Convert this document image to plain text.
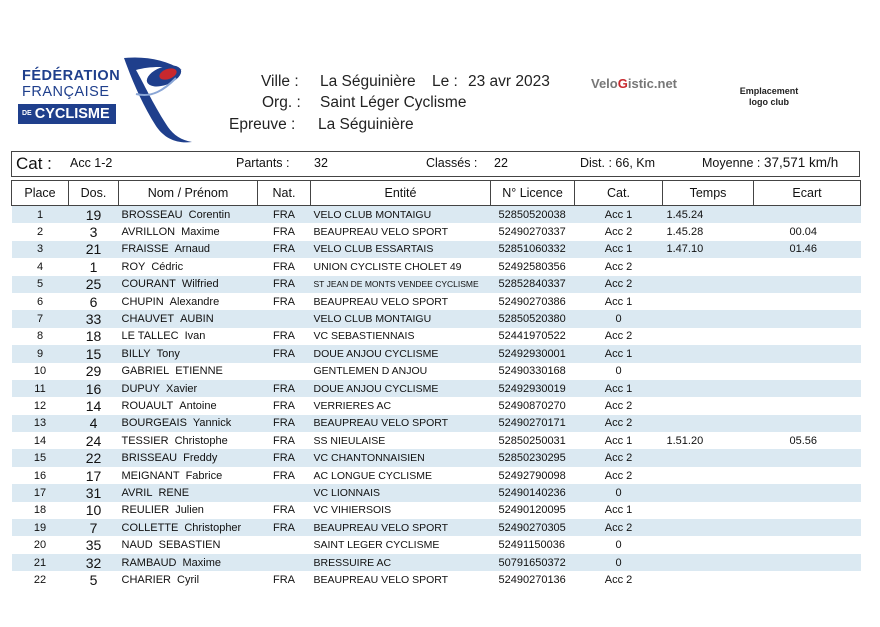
FÉDÉRATION
FRANÇAISE
DE CYCLISME
Ville : La Séguinière Le : 23 avr 2023
Org. : Saint Léger Cyclisme
Epreuve : La Séguinière
VeloGistic.net	Emplacement
logo club
Cat : Acc 1-2	Partants : 32	Classés : 22	Dist. : 66, Km	Moyenne : 37,571 km/h
Place	Dos.	Nom / Prénom	Nat.	Entité	N° Licence	Cat.	Temps	Ecart
1	19	BROSSEAU Corentin	FRA	VELO CLUB MONTAIGU	52850520038	Acc 1	1.45.24	
2	3	AVRILLON Maxime	FRA	BEAUPREAU VELO SPORT	52490270337	Acc 2	1.45.28	00.04
3	21	FRAISSE Arnaud	FRA	VELO CLUB ESSARTAIS	52851060332	Acc 1	1.47.10	01.46
4	1	ROY Cédric	FRA	UNION CYCLISTE CHOLET 49	52492580356	Acc 2		
5	25	COURANT Wilfried	FRA	ST JEAN DE MONTS VENDEE CYCLISME	52852840337	Acc 2		
6	6	CHUPIN Alexandre	FRA	BEAUPREAU VELO SPORT	52490270386	Acc 1		
7	33	CHAUVET AUBIN		VELO CLUB MONTAIGU	52850520380	0		
8	18	LE TALLEC Ivan	FRA	VC SEBASTIENNAIS	52441970522	Acc 2		
9	15	BILLY Tony	FRA	DOUE ANJOU CYCLISME	52492930001	Acc 1		
10	29	GABRIEL ETIENNE		GENTLEMEN D ANJOU	52490330168	0		
11	16	DUPUY Xavier	FRA	DOUE ANJOU CYCLISME	52492930019	Acc 1		
12	14	ROUAULT Antoine	FRA	VERRIERES AC	52490870270	Acc 2		
13	4	BOURGEAIS Yannick	FRA	BEAUPREAU VELO SPORT	52490270171	Acc 2		
14	24	TESSIER Christophe	FRA	SS NIEULAISE	52850250031	Acc 1	1.51.20	05.56
15	22	BRISSEAU Freddy	FRA	VC CHANTONNAISIEN	52850230295	Acc 2		
16	17	MEIGNANT Fabrice	FRA	AC LONGUE CYCLISME	52492790098	Acc 2		
17	31	AVRIL RENE		VC LIONNAIS	52490140236	0		
18	10	REULIER Julien	FRA	VC VIHIERSOIS	52490120095	Acc 1		
19	7	COLLETTE Christopher	FRA	BEAUPREAU VELO SPORT	52490270305	Acc 2		
20	35	NAUD SEBASTIEN		SAINT LEGER CYCLISME	52491150036	0		
21	32	RAMBAUD Maxime		BRESSUIRE AC	50791650372	0		
22	5	CHARIER Cyril	FRA	BEAUPREAU VELO SPORT	52490270136	Acc 2		
